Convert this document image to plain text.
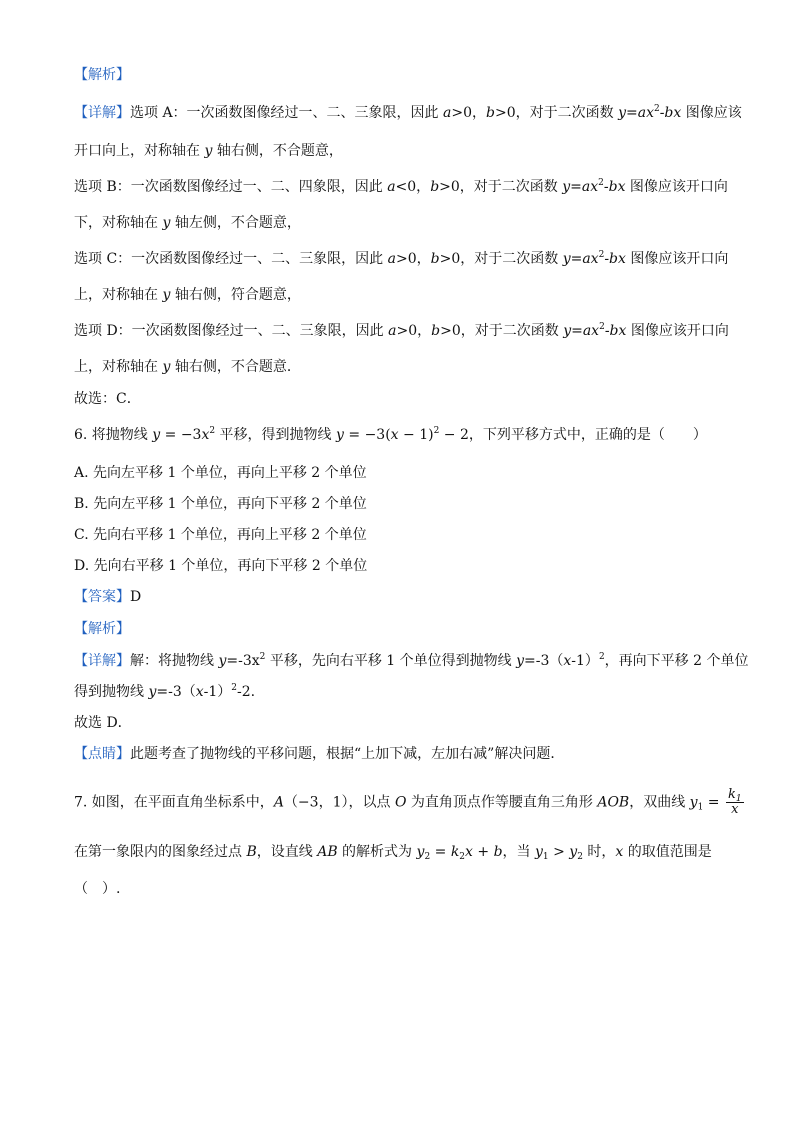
【解析】
【详解】选项 A：一次函数图像经过一、二、三象限，因此 a>0，b>0，对于二次函数 $y=ax^2-bx$ 图像应该
开口向上，对称轴在 y 轴右侧，不合题意，
选项 B：一次函数图像经过一、二、四象限，因此 a<0，b>0，对于二次函数 $y=ax^2-bx$ 图像应该开口向
下，对称轴在 y 轴左侧，不合题意，
选项 C：一次函数图像经过一、二、三象限，因此 a>0，b>0，对于二次函数 $y=ax^2-bx$ 图像应该开口向
上，对称轴在 y 轴右侧，符合题意，
选项 D：一次函数图像经过一、二、三象限，因此 a>0，b>0，对于二次函数 $y=ax^2-bx$ 图像应该开口向
上，对称轴在 y 轴右侧，不合题意．
故选：C．
6. 将抛物线 $y = -3x^2$ 平移，得到抛物线 $y = -3(x - 1)^2 - 2$，下列平移方式中，正确的是（　　）
A. 先向左平移 1 个单位，再向上平移 2 个单位
B. 先向左平移 1 个单位，再向下平移 2 个单位
C. 先向右平移 1 个单位，再向上平移 2 个单位
D. 先向右平移 1 个单位，再向下平移 2 个单位
【答案】D
【解析】
【详解】解：将抛物线 $y=-3x^2$ 平移，先向右平移 1 个单位得到抛物线 $y=-3(x-1)^2$，再向下平移 2 个单位
得到抛物线 $y=-3(x-1)^2-2$.
故选 D．
【点睛】此题考查了抛物线的平移问题，根据“上加下减，左加右减”解决问题．
7. 如图，在平面直角坐标系中，A（−3，1），以点 O 为直角顶点作等腰直角三角形 AOB，双曲线 $y_1 = \frac{k_1}{x}$
在第一象限内的图象经过点 B，设直线 AB 的解析式为 $y_2 = k_2x + b$，当 $y_1 > y_2$ 时，x 的取值范围是
（　）.
